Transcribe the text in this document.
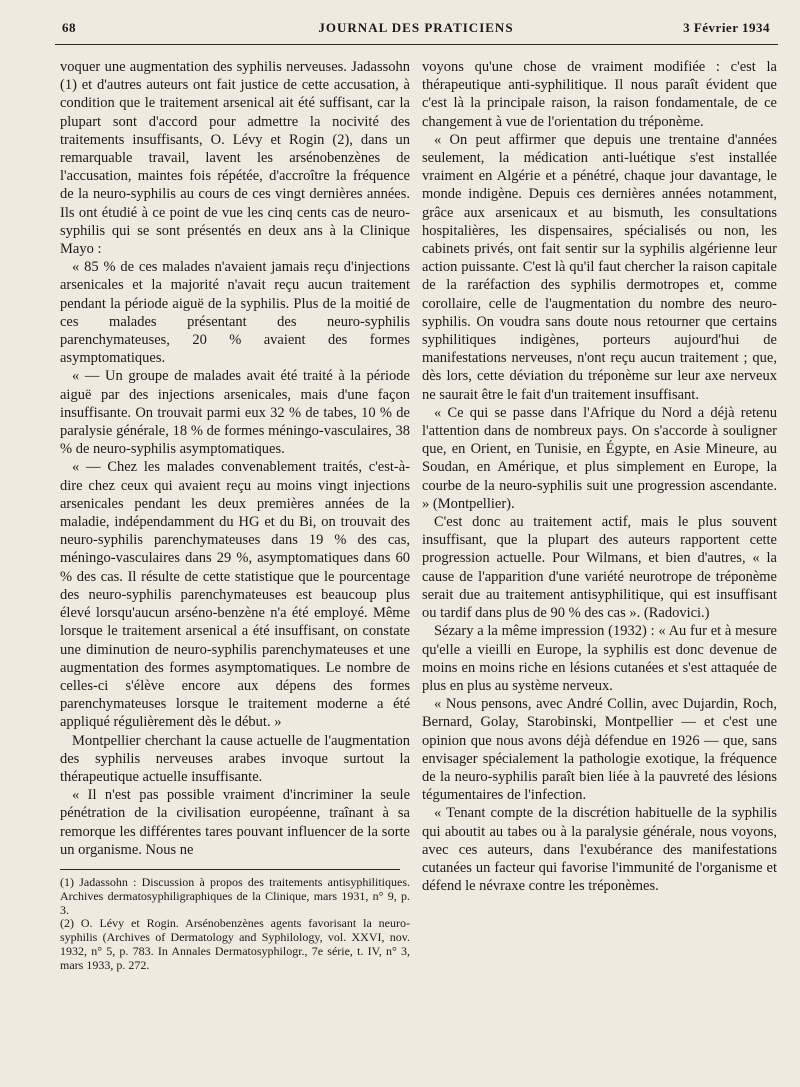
68	JOURNAL DES PRATICIENS	3 Février 1934

voquer une augmentation des syphilis nerveuses. Jadassohn (1) et d'autres auteurs ont fait justice de cette accusation, à condition que le traitement arsenical ait été suffisant, car la plupart sont d'accord pour admettre la nocivité des traitements insuffisants, O. Lévy et Rogin (2), dans un remarquable travail, lavent les arsénobenzènes de l'accusation, maintes fois répétée, d'accroître la fréquence de la neuro-syphilis au cours de ces vingt dernières années. Ils ont étudié à ce point de vue les cinq cents cas de neuro-syphilis qui se sont présentés en deux ans à la Clinique Mayo :

« 85 % de ces malades n'avaient jamais reçu d'injections arsenicales et la majorité n'avait reçu aucun traitement pendant la période aiguë de la syphilis. Plus de la moitié de ces malades présentant des neuro-syphilis parenchymateuses, 20 % avaient des formes asymptomatiques.

« — Un groupe de malades avait été traité à la période aiguë par des injections arsenicales, mais d'une façon insuffisante. On trouvait parmi eux 32 % de tabes, 10 % de paralysie générale, 18 % de formes méningo-vasculaires, 38 % de neuro-syphilis asymptomatiques.

« — Chez les malades convenablement traités, c'est-à-dire chez ceux qui avaient reçu au moins vingt injections arsenicales pendant les deux premières années de la maladie, indépendamment du HG et du Bi, on trouvait des neuro-syphilis parenchymateuses dans 19 % des cas, méningo-vasculaires dans 29 %, asymptomatiques dans 60 % des cas. Il résulte de cette statistique que le pourcentage des neuro-syphilis parenchymateuses est beaucoup plus élevé lorsqu'aucun arséno-benzène n'a été employé. Même lorsque le traitement arsenical a été insuffisant, on constate une diminution de neuro-syphilis parenchymateuses et une augmentation des formes asymptomatiques. Le nombre de celles-ci s'élève encore aux dépens des formes parenchymateuses lorsque le traitement moderne a été appliqué régulièrement dès le début. »

Montpellier cherchant la cause actuelle de l'augmentation des syphilis nerveuses arabes invoque surtout la thérapeutique actuelle insuffisante.

« Il n'est pas possible vraiment d'incriminer la seule pénétration de la civilisation européenne, traînant à sa remorque les différentes tares pouvant influencer de la sorte un organisme. Nous ne

(1) Jadassohn : Discussion à propos des traitements antisyphilitiques. Archives dermatosyphiligraphiques de la Clinique, mars 1931, n° 9, p. 3.

(2) O. Lévy et Rogin. Arsénobenzènes agents favorisant la neuro-syphilis (Archives of Dermatology and Syphilology, vol. XXVI, nov. 1932, n° 5, p. 783. In Annales Dermatosyphilogr., 7e série, t. IV, n° 3, mars 1933, p. 272.

voyons qu'une chose de vraiment modifiée : c'est la thérapeutique anti-syphilitique. Il nous paraît évident que c'est là la principale raison, la raison fondamentale, de ce changement à vue de l'orientation du tréponème.

« On peut affirmer que depuis une trentaine d'années seulement, la médication anti-luétique s'est installée vraiment en Algérie et a pénétré, chaque jour davantage, le monde indigène. Depuis ces dernières années notamment, grâce aux arsenicaux et au bismuth, les consultations hospitalières, les dispensaires, spécialisés ou non, les cabinets privés, ont fait sentir sur la syphilis algérienne leur action puissante. C'est là qu'il faut chercher la raison capitale de la raréfaction des syphilis dermotropes et, comme corollaire, celle de l'augmentation du nombre des neuro-syphilis. On voudra sans doute nous retourner que certains syphilitiques indigènes, porteurs aujourd'hui de manifestations nerveuses, n'ont reçu aucun traitement ; que, dès lors, cette déviation du tréponème sur leur axe nerveux ne saurait être le fait d'un traitement insuffisant.

« Ce qui se passe dans l'Afrique du Nord a déjà retenu l'attention dans de nombreux pays. On s'accorde à souligner que, en Orient, en Tunisie, en Égypte, en Asie Mineure, au Soudan, en Amérique, et plus simplement en Europe, la courbe de la neuro-syphilis suit une progression ascendante. » (Montpellier).

C'est donc au traitement actif, mais le plus souvent insuffisant, que la plupart des auteurs rapportent cette progression actuelle. Pour Wilmans, et bien d'autres, « la cause de l'apparition d'une variété neurotrope de tréponème serait due au traitement antisyphilitique, qui est insuffisant ou tardif dans plus de 90 % des cas ». (Radovici.)

Sézary a la même impression (1932) : « Au fur et à mesure qu'elle a vieilli en Europe, la syphilis est donc devenue de moins en moins riche en lésions cutanées et s'est attaquée de plus en plus au système nerveux.

« Nous pensons, avec André Collin, avec Dujardin, Roch, Bernard, Golay, Starobinski, Montpellier — et c'est une opinion que nous avons déjà défendue en 1926 — que, sans envisager spécialement la pathologie exotique, la fréquence de la neuro-syphilis paraît bien liée à la pauvreté des lésions tégumentaires de l'infection.

« Tenant compte de la discrétion habituelle de la syphilis qui aboutit au tabes ou à la paralysie générale, nous voyons, avec ces auteurs, dans l'exubérance des manifestations cutanées un facteur qui favorise l'immunité de l'organisme et défend le névraxe contre les tréponèmes.
